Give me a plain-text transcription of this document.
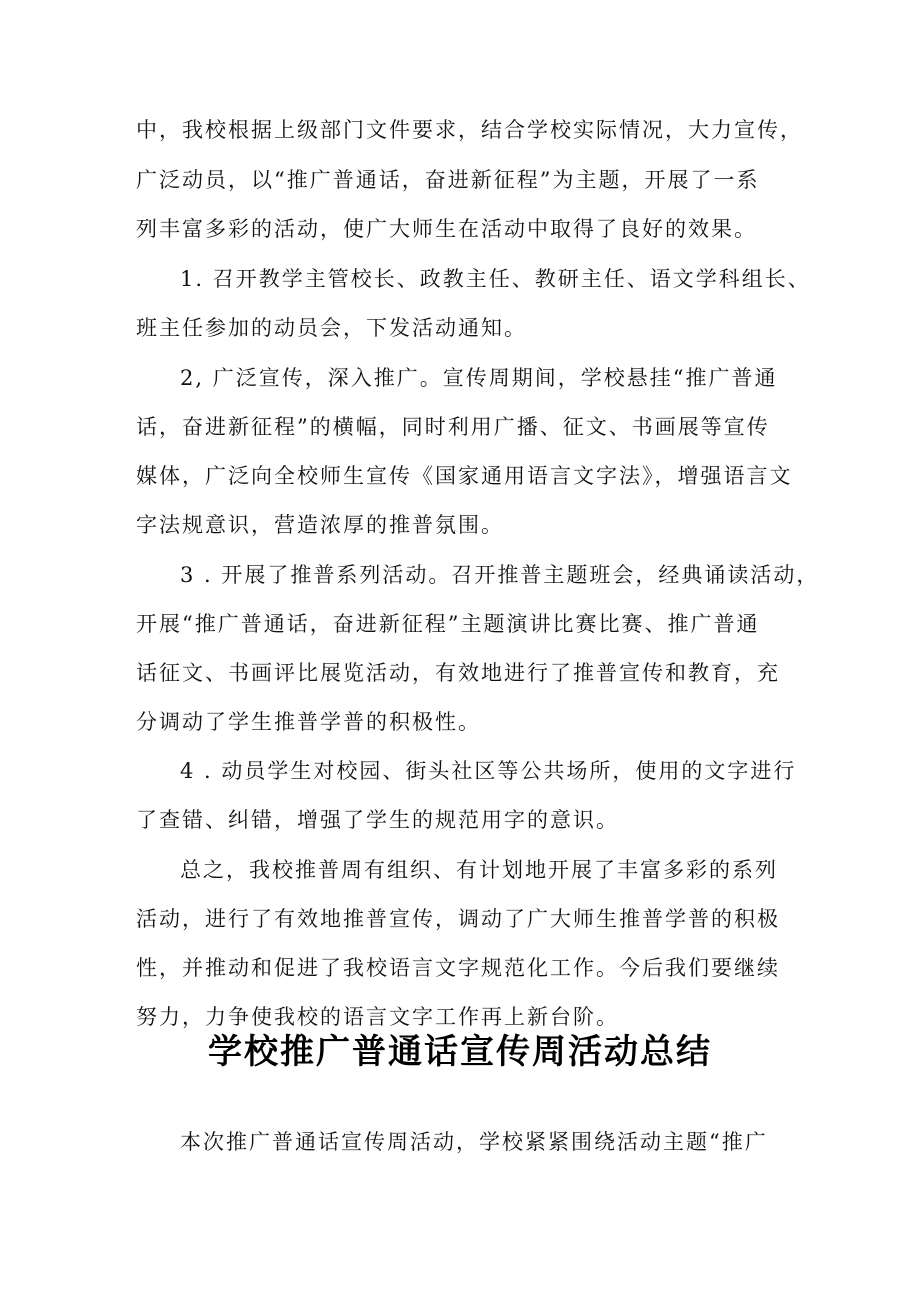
中，我校根据上级部门文件要求，结合学校实际情况，大力宣传，
广泛动员，以“推广普通话，奋进新征程”为主题，开展了一系
列丰富多彩的活动，使广大师生在活动中取得了良好的效果。
1. 召开教学主管校长、政教主任、教研主任、语文学科组长、
班主任参加的动员会，下发活动通知。
2, 广泛宣传，深入推广。宣传周期间，学校悬挂“推广普通
话，奋进新征程”的横幅，同时利用广播、征文、书画展等宣传
媒体，广泛向全校师生宣传《国家通用语言文字法》，增强语言文
字法规意识，营造浓厚的推普氛围。
3 . 开展了推普系列活动。召开推普主题班会，经典诵读活动，
开展“推广普通话，奋进新征程”主题演讲比赛比赛、推广普通
话征文、书画评比展览活动，有效地进行了推普宣传和教育，充
分调动了学生推普学普的积极性。
4 . 动员学生对校园、街头社区等公共场所，使用的文字进行
了查错、纠错，增强了学生的规范用字的意识。
总之，我校推普周有组织、有计划地开展了丰富多彩的系列
活动，进行了有效地推普宣传，调动了广大师生推普学普的积极
性，并推动和促进了我校语言文字规范化工作。今后我们要继续
努力，力争使我校的语言文字工作再上新台阶。
学校推广普通话宣传周活动总结
本次推广普通话宣传周活动，学校紧紧围绕活动主题“推广
